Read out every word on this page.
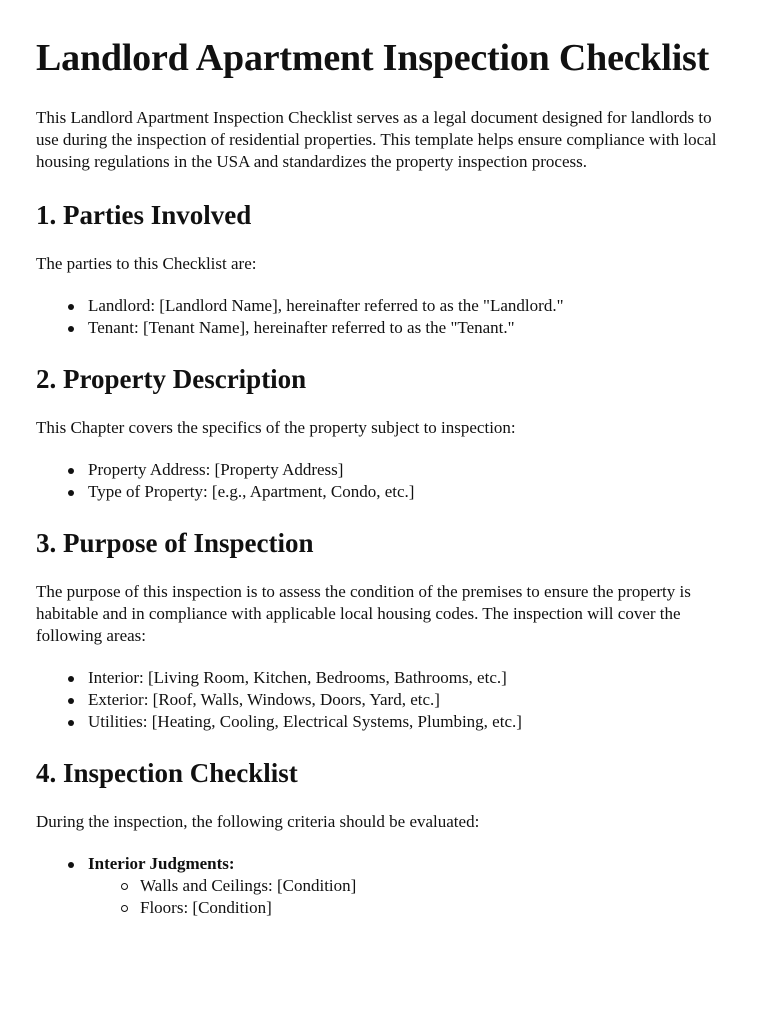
Landlord Apartment Inspection Checklist

This Landlord Apartment Inspection Checklist serves as a legal document designed for landlords to use during the inspection of residential properties. This template helps ensure compliance with local housing regulations in the USA and standardizes the property inspection process.

1. Parties Involved

The parties to this Checklist are:

Landlord: [Landlord Name], hereinafter referred to as the "Landlord."
Tenant: [Tenant Name], hereinafter referred to as the "Tenant."
2. Property Description

This Chapter covers the specifics of the property subject to inspection:

Property Address: [Property Address]
Type of Property: [e.g., Apartment, Condo, etc.]
3. Purpose of Inspection

The purpose of this inspection is to assess the condition of the premises to ensure the property is habitable and in compliance with applicable local housing codes. The inspection will cover the following areas:

Interior: [Living Room, Kitchen, Bedrooms, Bathrooms, etc.]
Exterior: [Roof, Walls, Windows, Doors, Yard, etc.]
Utilities: [Heating, Cooling, Electrical Systems, Plumbing, etc.]
4. Inspection Checklist

During the inspection, the following criteria should be evaluated:

Interior Judgments:
Walls and Ceilings: [Condition]
Floors: [Condition]
